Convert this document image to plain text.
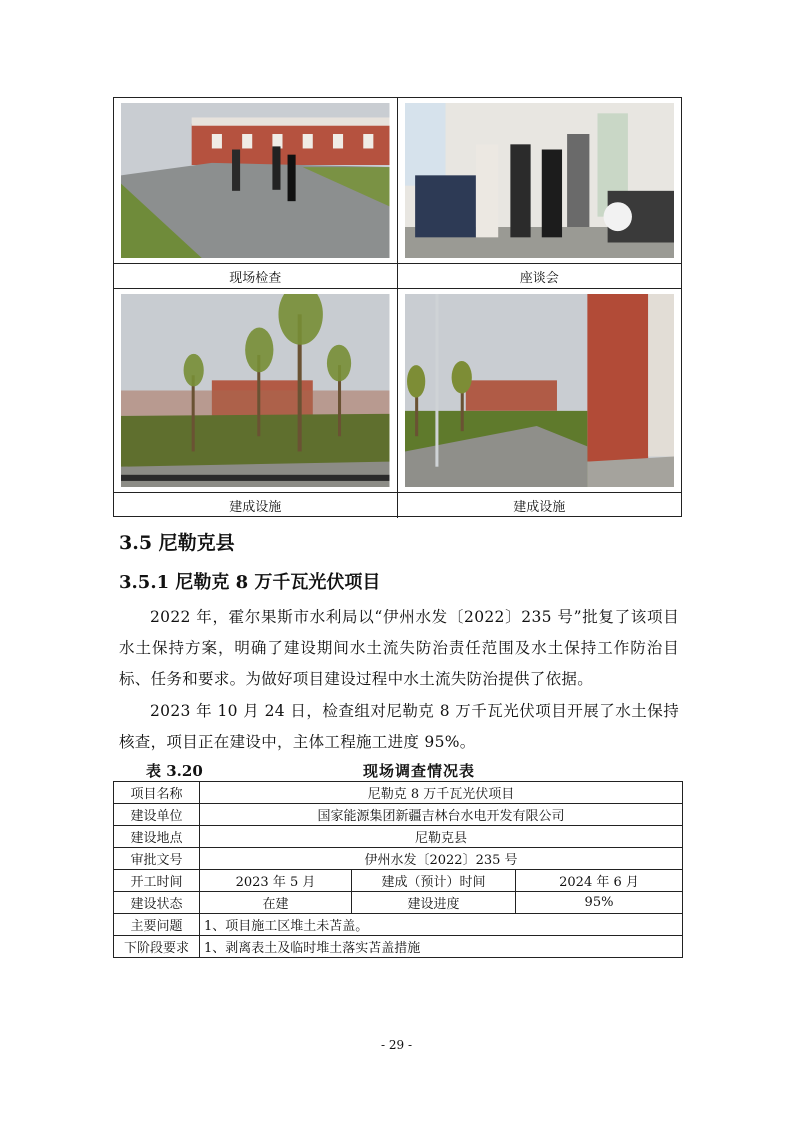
现场检查	座谈会
建成设施	建成设施
3.5 尼勒克县
3.5.1 尼勒克 8 万千瓦光伏项目

2022 年，霍尔果斯市水利局以“伊州水发〔2022〕235 号”批复了该项目水土保持方案，明确了建设期间水土流失防治责任范围及水土保持工作防治目标、任务和要求。为做好项目建设过程中水土流失防治提供了依据。

2023 年 10 月 24 日，检查组对尼勒克 8 万千瓦光伏项目开展了水土保持核查，项目正在建设中，主体工程施工进度 95%。

表 3.20	现场调查情况表
项目名称	尼勒克 8 万千瓦光伏项目		
建设单位	国家能源集团新疆吉林台水电开发有限公司		
建设地点	尼勒克县		
审批文号	伊州水发〔2022〕235 号		
开工时间	2023 年 5 月	建成（预计）时间	2024 年 6 月
建设状态	在建	建设进度	95%
主要问题	1、项目施工区堆土未苫盖。		
下阶段要求	1、剥离表土及临时堆土落实苫盖措施		
- 29 -
